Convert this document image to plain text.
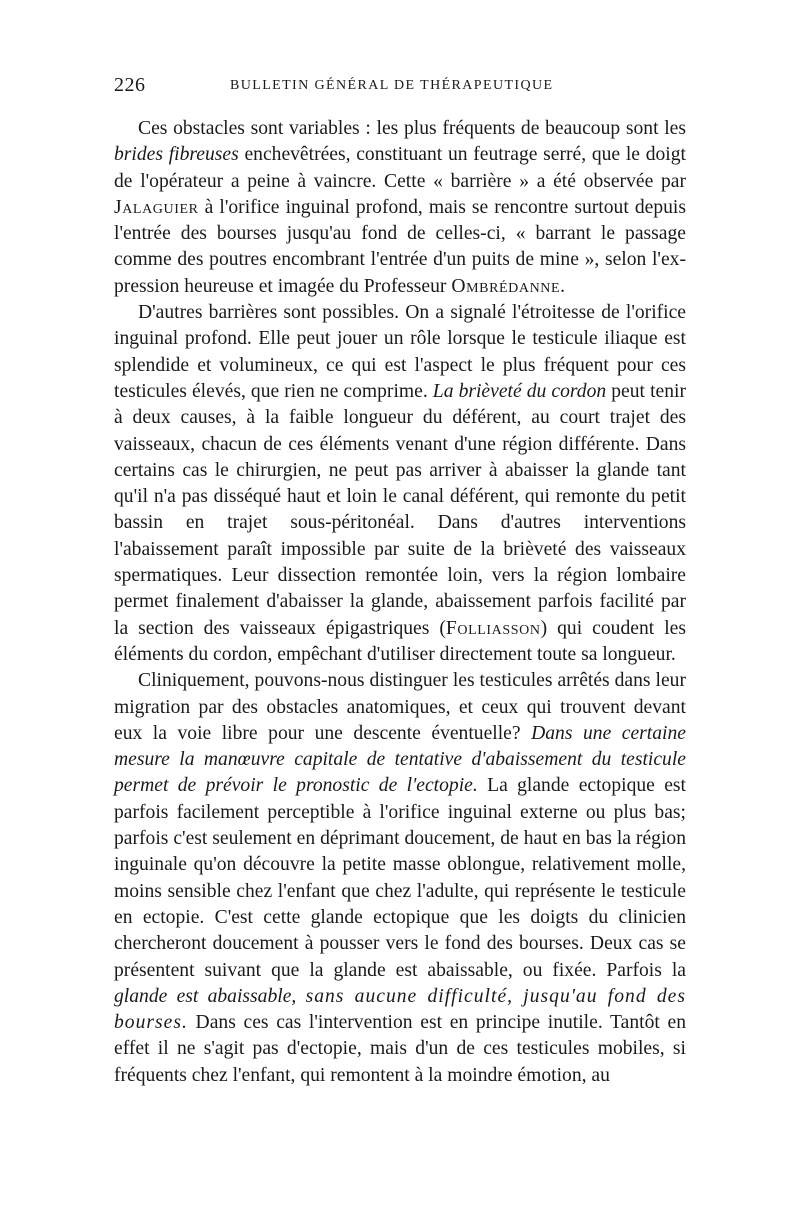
226	BULLETIN GÉNÉRAL DE THÉRAPEUTIQUE

Ces obstacles sont variables : les plus fréquents de beaucoup sont les brides fibreuses enchevêtrées, constituant un feutrage serré, que le doigt de l'opérateur a peine à vaincre. Cette « barrière » a été observée par Jalaguier à l'orifice inguinal profond, mais se rencontre surtout depuis l'entrée des bourses jusqu'au fond de celles-ci, « barrant le passage comme des poutres encombrant l'entrée d'un puits de mine », selon l'expression heureuse et imagée du Professeur Ombrédanne.

D'autres barrières sont possibles. On a signalé l'étroitesse de l'orifice inguinal profond. Elle peut jouer un rôle lorsque le testicule iliaque est splendide et volumineux, ce qui est l'aspect le plus fréquent pour ces testicules élevés, que rien ne comprime. La brièveté du cordon peut tenir à deux causes, à la faible longueur du déférent, au court trajet des vaisseaux, chacun de ces éléments venant d'une région différente. Dans certains cas le chirurgien, ne peut pas arriver à abaisser la glande tant qu'il n'a pas disséqué haut et loin le canal déférent, qui remonte du petit bassin en trajet sous-péritonéal. Dans d'autres interventions l'abaissement paraît impossible par suite de la brièveté des vaisseaux spermatiques. Leur dissection remontée loin, vers la région lombaire permet finalement d'abaisser la glande, abaissement parfois facilité par la section des vaisseaux épigastriques (Folliasson) qui coudent les éléments du cordon, empêchant d'utiliser directement toute sa longueur.

Cliniquement, pouvons-nous distinguer les testicules arrêtés dans leur migration par des obstacles anatomiques, et ceux qui trouvent devant eux la voie libre pour une descente éventuelle? Dans une certaine mesure la manœuvre capitale de tentative d'abaissement du testicule permet de prévoir le pronostic de l'ectopie. La glande ectopique est parfois facilement perceptible à l'orifice inguinal externe ou plus bas; parfois c'est seulement en déprimant doucement, de haut en bas la région inguinale qu'on découvre la petite masse oblongue, relativement molle, moins sensible chez l'enfant que chez l'adulte, qui représente le testicule en ectopie. C'est cette glande ectopique que les doigts du clinicien chercheront doucement à pousser vers le fond des bourses. Deux cas se présentent suivant que la glande est abaissable, ou fixée. Parfois la glande est abaissable, sans aucune difficulté, jusqu'au fond des bourses. Dans ces cas l'intervention est en principe inutile. Tantôt en effet il ne s'agit pas d'ectopie, mais d'un de ces testicules mobiles, si fréquents chez l'enfant, qui remontent à la moindre émotion, au
